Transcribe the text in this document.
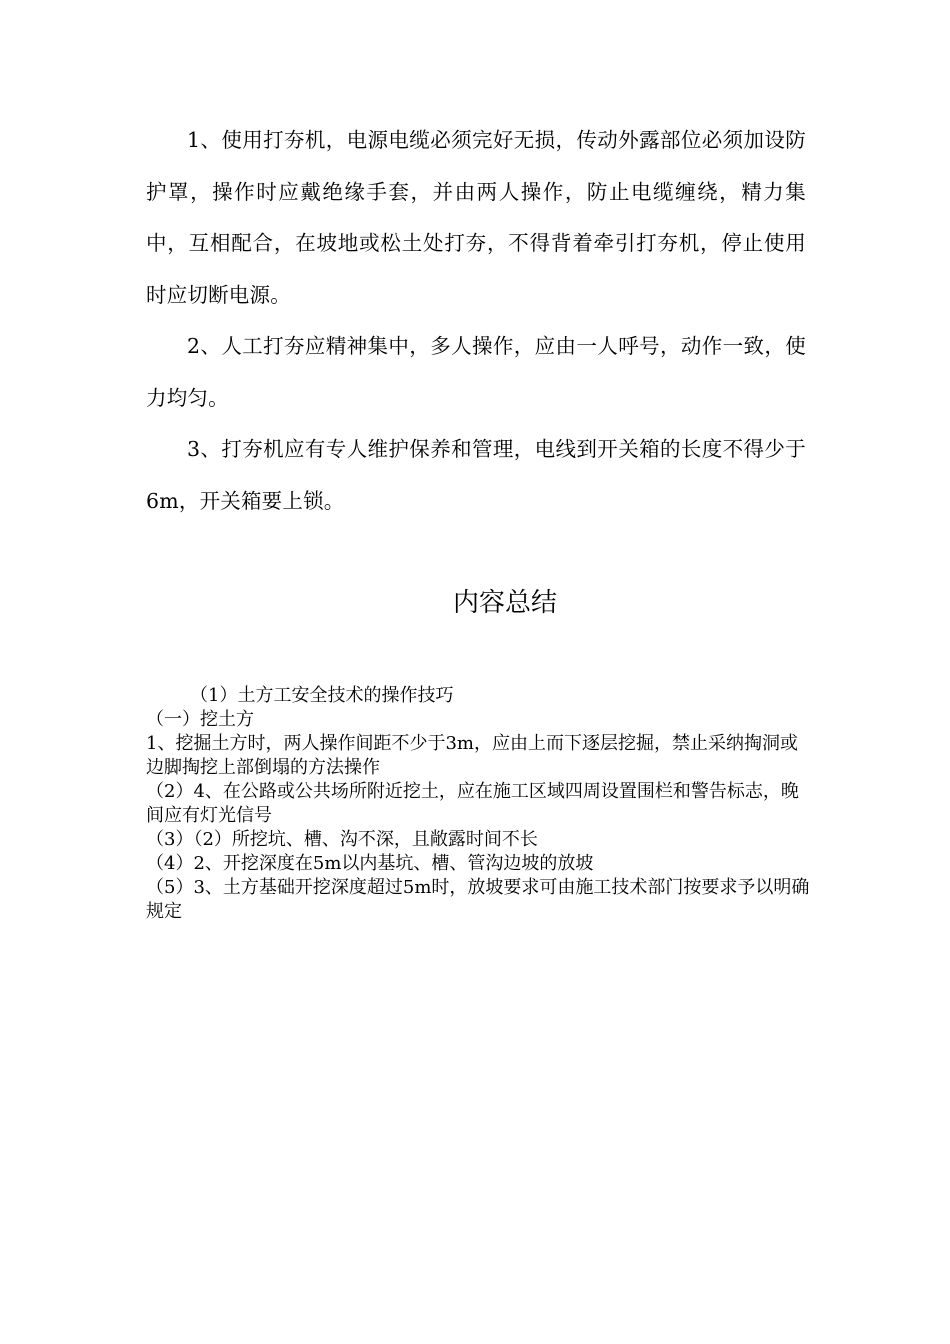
1、使用打夯机，电源电缆必须完好无损，传动外露部位必须加设防护罩，操作时应戴绝缘手套，并由两人操作，防止电缆缠绕，精力集中，互相配合，在坡地或松土处打夯，不得背着牵引打夯机，停止使用时应切断电源。

2、人工打夯应精神集中，多人操作，应由一人呼号，动作一致，使力均匀。

3、打夯机应有专人维护保养和管理，电线到开关箱的长度不得少于6m，开关箱要上锁。

内容总结

（1）土方工安全技术的操作技巧

（一）挖土方

1、挖掘土方时，两人操作间距不少于3m，应由上而下逐层挖掘，禁止采纳掏洞或边脚掏挖上部倒塌的方法操作

（2）4、在公路或公共场所附近挖土，应在施工区域四周设置围栏和警告标志，晚间应有灯光信号

（3）（2）所挖坑、槽、沟不深，且敞露时间不长

（4）2、开挖深度在5m以内基坑、槽、管沟边坡的放坡

（5）3、土方基础开挖深度超过5m时，放坡要求可由施工技术部门按要求予以明确规定
